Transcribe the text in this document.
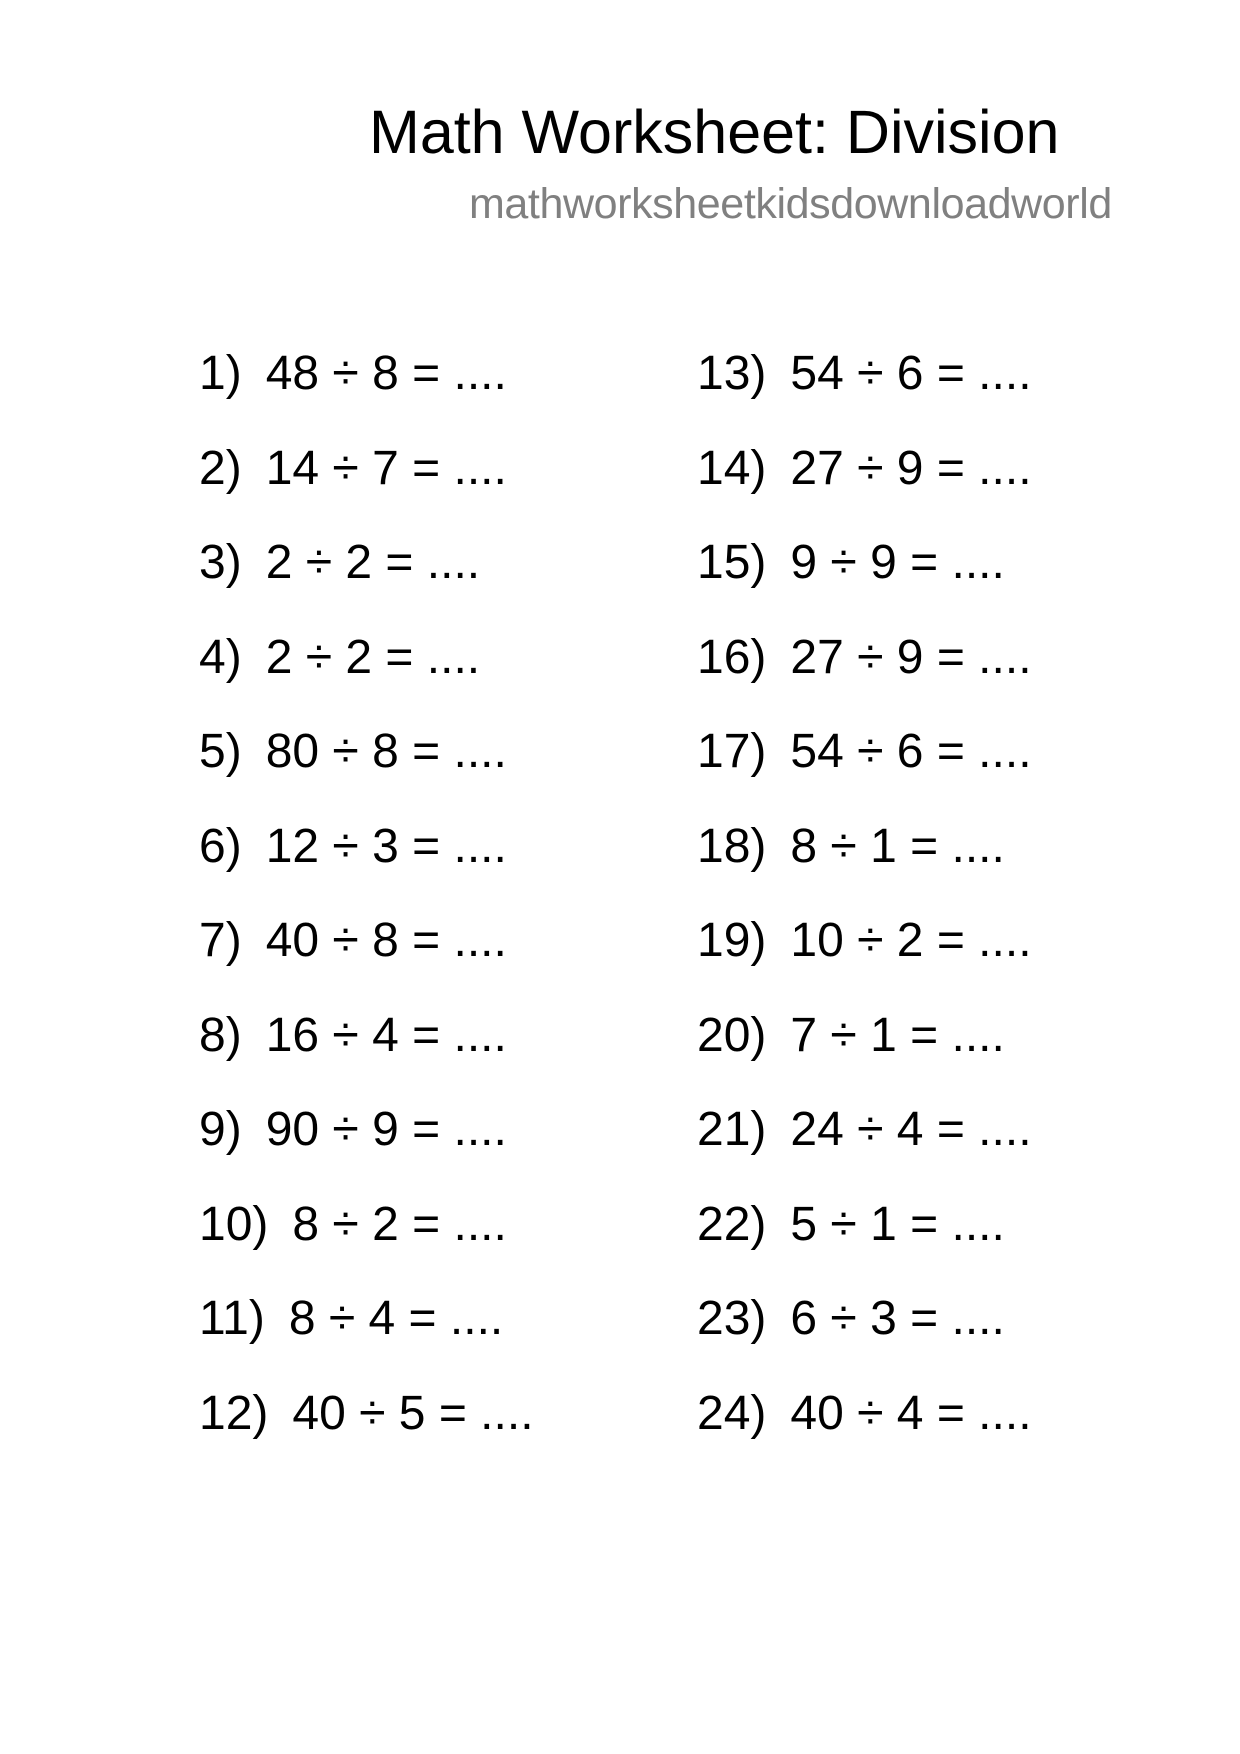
Math Worksheet: Division
mathworksheetkidsdownloadworld
1) 48 ÷ 8 = ....
2) 14 ÷ 7 = ....
3) 2 ÷ 2 = ....
4) 2 ÷ 2 = ....
5) 80 ÷ 8 = ....
6) 12 ÷ 3 = ....
7) 40 ÷ 8 = ....
8) 16 ÷ 4 = ....
9) 90 ÷ 9 = ....
10) 8 ÷ 2 = ....
11) 8 ÷ 4 = ....
12) 40 ÷ 5 = ....
13) 54 ÷ 6 = ....
14) 27 ÷ 9 = ....
15) 9 ÷ 9 = ....
16) 27 ÷ 9 = ....
17) 54 ÷ 6 = ....
18) 8 ÷ 1 = ....
19) 10 ÷ 2 = ....
20) 7 ÷ 1 = ....
21) 24 ÷ 4 = ....
22) 5 ÷ 1 = ....
23) 6 ÷ 3 = ....
24) 40 ÷ 4 = ....
